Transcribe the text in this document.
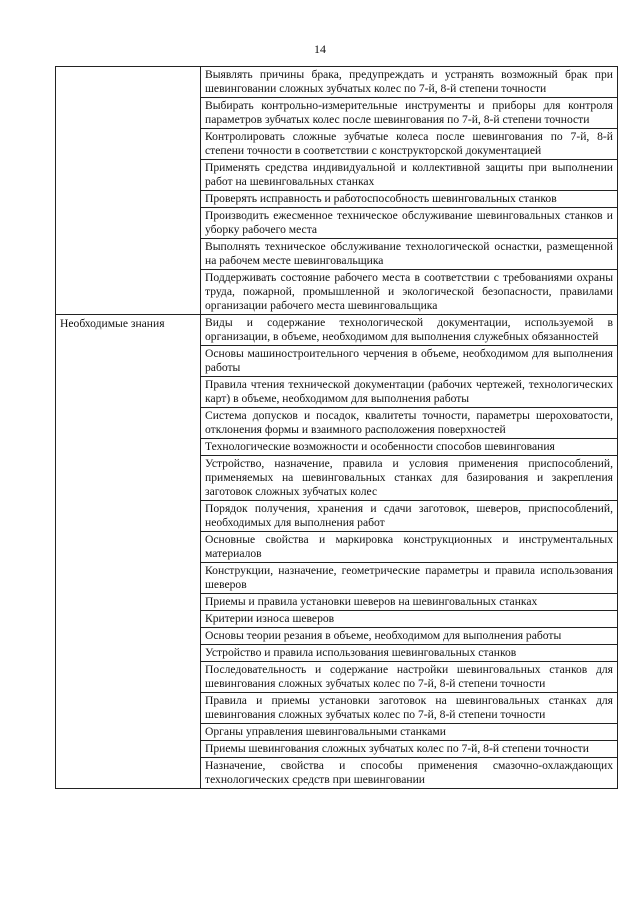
14
	Выявлять причины брака, предупреждать и устранять возможный брак при шевинговании сложных зубчатых колес по 7-й, 8-й степени точности
	Выбирать контрольно-измерительные инструменты и приборы для контроля параметров зубчатых колес после шевингования по 7-й, 8-й степени точности
	Контролировать сложные зубчатые колеса после шевингования по 7-й, 8-й степени точности в соответствии с конструкторской документацией
	Применять средства индивидуальной и коллективной защиты при выполнении работ на шевинговальных станках
	Проверять исправность и работоспособность шевинговальных станков
	Производить ежесменное техническое обслуживание шевинговальных станков и уборку рабочего места
	Выполнять техническое обслуживание технологической оснастки, размещенной на рабочем месте шевинговальщика
	Поддерживать состояние рабочего места в соответствии с требованиями охраны труда, пожарной, промышленной и экологической безопасности, правилами организации рабочего места шевинговальщика
Необходимые знания	Виды и содержание технологической документации, используемой в организации, в объеме, необходимом для выполнения служебных обязанностей
	Основы машиностроительного черчения в объеме, необходимом для выполнения работы
	Правила чтения технической документации (рабочих чертежей, технологических карт) в объеме, необходимом для выполнения работы
	Система допусков и посадок, квалитеты точности, параметры шероховатости, отклонения формы и взаимного расположения поверхностей
	Технологические возможности и особенности способов шевингования
	Устройство, назначение, правила и условия применения приспособлений, применяемых на шевинговальных станках для базирования и закрепления заготовок сложных зубчатых колес
	Порядок получения, хранения и сдачи заготовок, шеверов, приспособлений, необходимых для выполнения работ
	Основные свойства и маркировка конструкционных и инструментальных материалов
	Конструкции, назначение, геометрические параметры и правила использования шеверов
	Приемы и правила установки шеверов на шевинговальных станках
	Критерии износа шеверов
	Основы теории резания в объеме, необходимом для выполнения работы
	Устройство и правила использования шевинговальных станков
	Последовательность и содержание настройки шевинговальных станков для шевингования сложных зубчатых колес по 7-й, 8-й степени точности
	Правила и приемы установки заготовок на шевинговальных станках для шевингования сложных зубчатых колес по 7-й, 8-й степени точности
	Органы управления шевинговальными станками
	Приемы шевингования сложных зубчатых колес по 7-й, 8-й степени точности
	Назначение, свойства и способы применения смазочно-охлаждающих технологических средств при шевинговании
